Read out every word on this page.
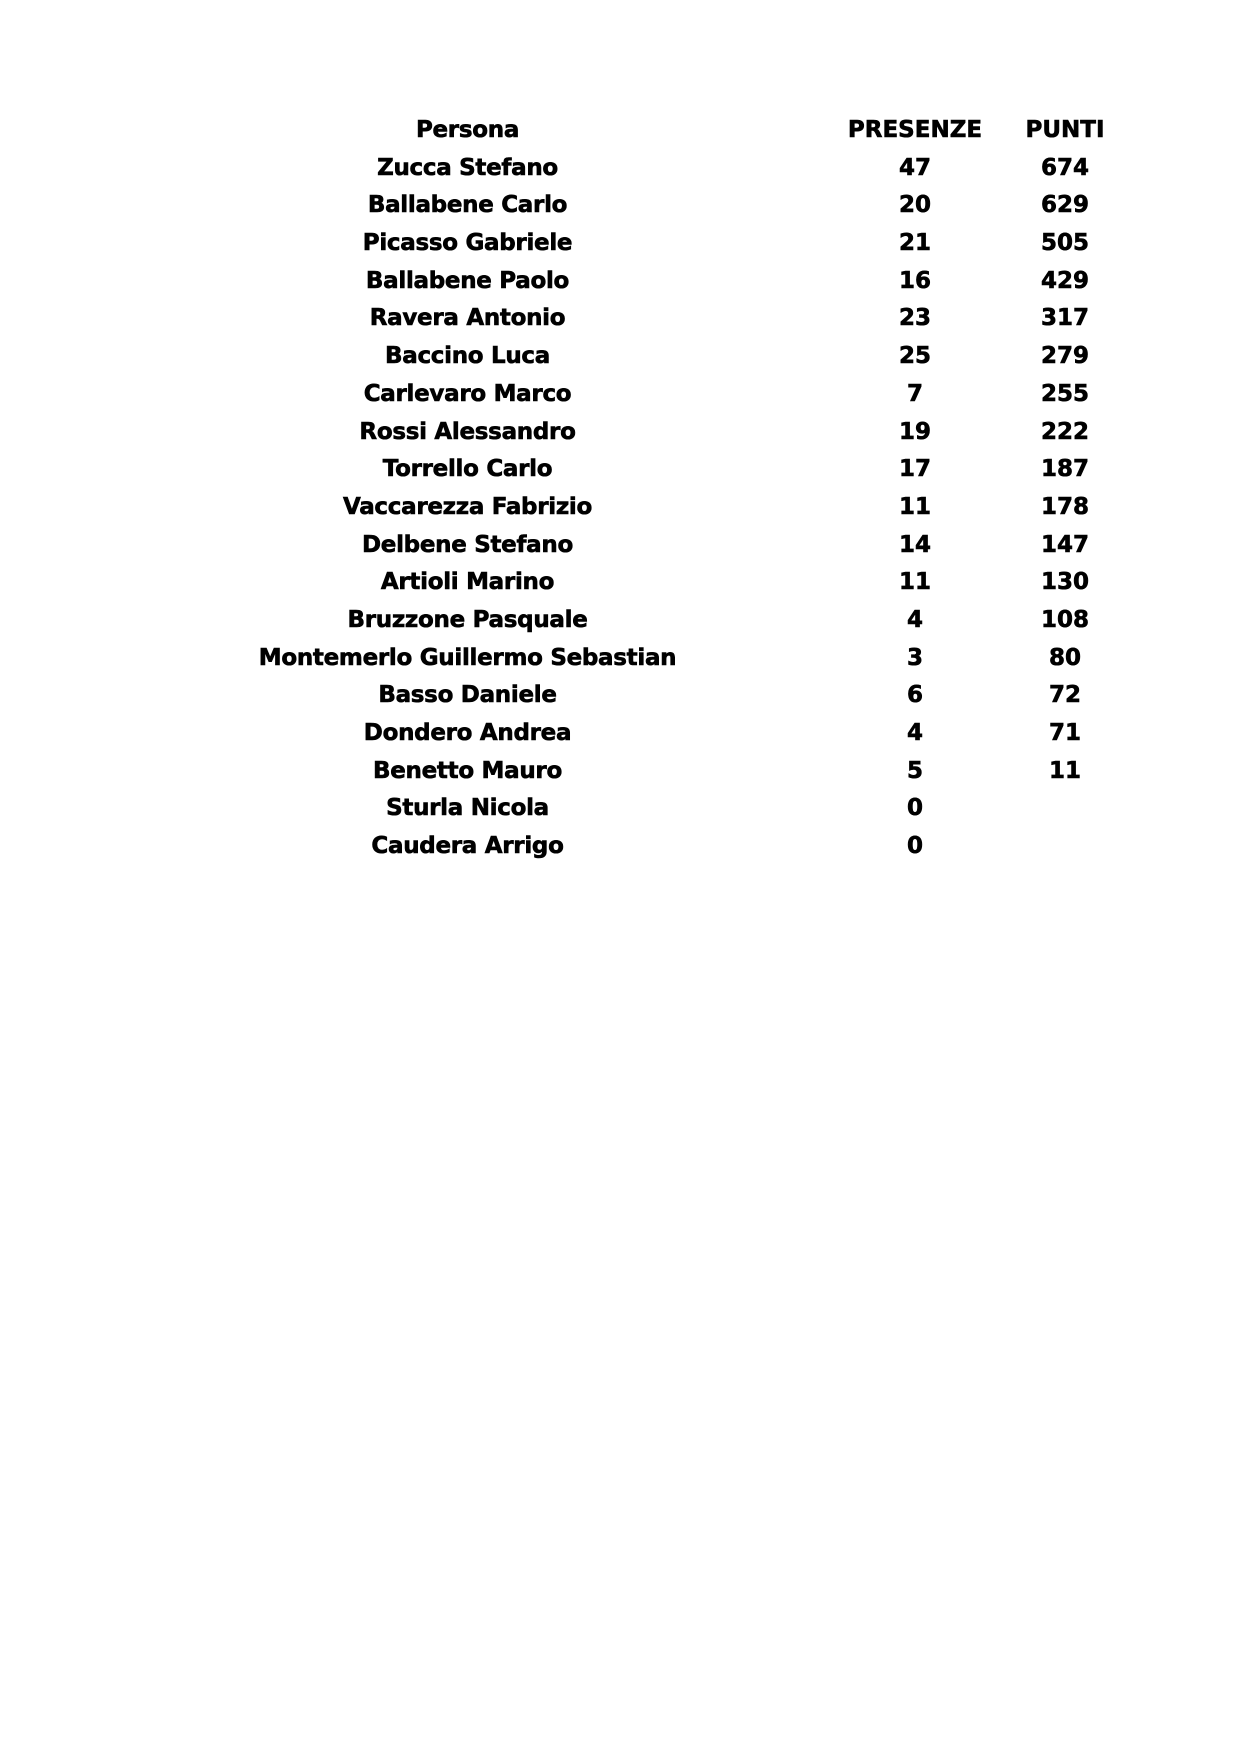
Persona	PRESENZE	PUNTI
Zucca Stefano	47	674
Ballabene Carlo	20	629
Picasso Gabriele	21	505
Ballabene Paolo	16	429
Ravera Antonio	23	317
Baccino Luca	25	279
Carlevaro Marco	7	255
Rossi Alessandro	19	222
Torrello Carlo	17	187
Vaccarezza Fabrizio	11	178
Delbene Stefano	14	147
Artioli Marino	11	130
Bruzzone Pasquale	4	108
Montemerlo Guillermo Sebastian	3	80
Basso Daniele	6	72
Dondero Andrea	4	71
Benetto Mauro	5	11
Sturla Nicola	0
Caudera Arrigo	0
